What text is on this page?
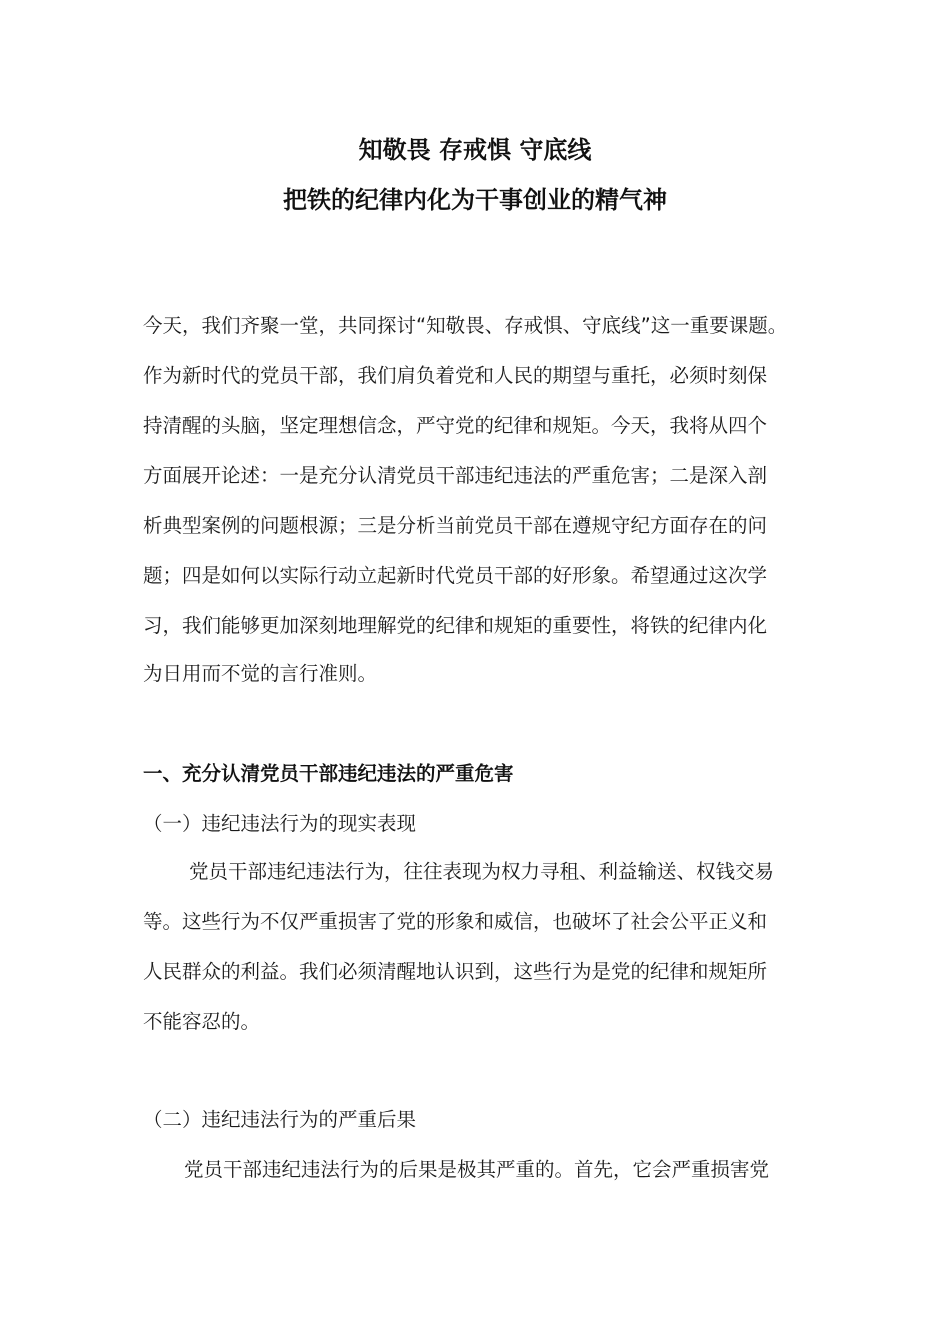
知敬畏 存戒惧 守底线
把铁的纪律内化为干事创业的精气神
今天，我们齐聚一堂，共同探讨“知敬畏、存戒惧、守底线”这一重要课题。
作为新时代的党员干部，我们肩负着党和人民的期望与重托，必须时刻保
持清醒的头脑，坚定理想信念，严守党的纪律和规矩。今天，我将从四个
方面展开论述：一是充分认清党员干部违纪违法的严重危害；二是深入剖
析典型案例的问题根源；三是分析当前党员干部在遵规守纪方面存在的问
题；四是如何以实际行动立起新时代党员干部的好形象。希望通过这次学
习，我们能够更加深刻地理解党的纪律和规矩的重要性，将铁的纪律内化
为日用而不觉的言行准则。
一、充分认清党员干部违纪违法的严重危害
（一）违纪违法行为的现实表现
党员干部违纪违法行为，往往表现为权力寻租、利益输送、权钱交易
等。这些行为不仅严重损害了党的形象和威信，也破坏了社会公平正义和
人民群众的利益。我们必须清醒地认识到，这些行为是党的纪律和规矩所
不能容忍的。
（二）违纪违法行为的严重后果
党员干部违纪违法行为的后果是极其严重的。首先，它会严重损害党
